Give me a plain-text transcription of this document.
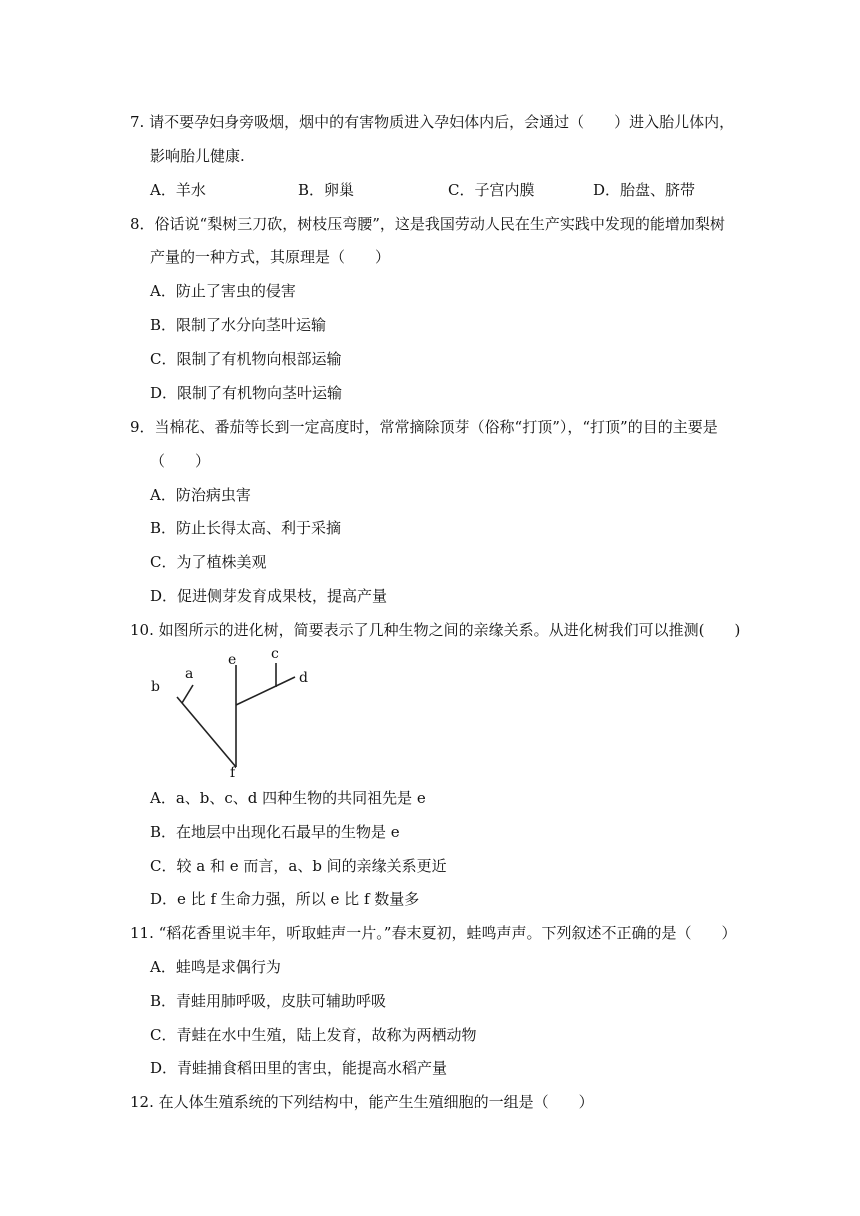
7. 请不要孕妇身旁吸烟，烟中的有害物质进入孕妇体内后，会通过（　　）进入胎儿体内，
影响胎儿健康.
A．羊水	B．卵巢	C．子宫内膜	D．胎盘、脐带
8．俗话说“梨树三刀砍，树枝压弯腰”，这是我国劳动人民在生产实践中发现的能增加梨树
产量的一种方式，其原理是（　　）
A．防止了害虫的侵害
B．限制了水分向茎叶运输
C．限制了有机物向根部运输
D．限制了有机物向茎叶运输
9．当棉花、番茄等长到一定高度时，常常摘除顶芽（俗称“打顶”），“打顶”的目的主要是
（　　）
A．防治病虫害
B．防止长得太高、利于采摘
C．为了植株美观
D．促进侧芽发育成果枝，提高产量
10. 如图所示的进化树，简要表示了几种生物之间的亲缘关系。从进化树我们可以推测(　　)
b
a
e c
d
f
A．a、b、c、d 四种生物的共同祖先是 e
B．在地层中出现化石最早的生物是 e
C．较 a 和 e 而言，a、b 间的亲缘关系更近
D．e 比 f 生命力强，所以 e 比 f 数量多
11. “稻花香里说丰年，听取蛙声一片。”春末夏初，蛙鸣声声。下列叙述不正确的是（　　）
A．蛙鸣是求偶行为
B．青蛙用肺呼吸，皮肤可辅助呼吸
C．青蛙在水中生殖，陆上发育，故称为两栖动物
D．青蛙捕食稻田里的害虫，能提高水稻产量
12. 在人体生殖系统的下列结构中，能产生生殖细胞的一组是（　　）
